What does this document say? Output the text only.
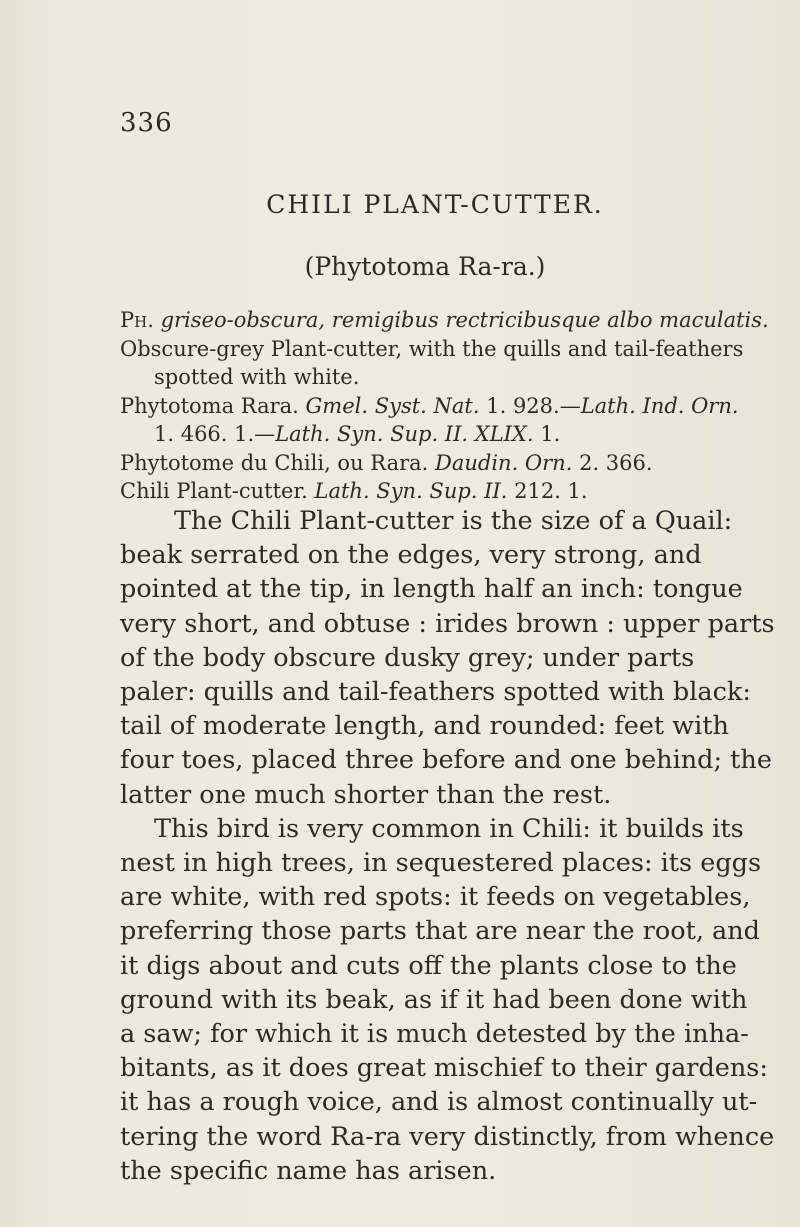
336
CHILI PLANT-CUTTER.
(Phytotoma Ra-ra.)
Ph. griseo-obscura, remigibus rectricibusque albo maculatis.
Obscure-grey Plant-cutter, with the quills and tail-feathers
spotted with white.
Phytotoma Rara. Gmel. Syst. Nat. 1. 928.—Lath. Ind. Orn.
1. 466. 1.—Lath. Syn. Sup. II. XLIX. 1.
Phytotome du Chili, ou Rara. Daudin. Orn. 2. 366.
Chili Plant-cutter. Lath. Syn. Sup. II. 212. 1.
The Chili Plant-cutter is the size of a Quail:
beak serrated on the edges, very strong, and
pointed at the tip, in length half an inch: tongue
very short, and obtuse : irides brown : upper parts
of the body obscure dusky grey; under parts
paler: quills and tail-feathers spotted with black:
tail of moderate length, and rounded: feet with
four toes, placed three before and one behind; the
latter one much shorter than the rest.
This bird is very common in Chili: it builds its
nest in high trees, in sequestered places: its eggs
are white, with red spots: it feeds on vegetables,
preferring those parts that are near the root, and
it digs about and cuts off the plants close to the
ground with its beak, as if it had been done with
a saw; for which it is much detested by the inha-
bitants, as it does great mischief to their gardens:
it has a rough voice, and is almost continually ut-
tering the word Ra-ra very distinctly, from whence
the specific name has arisen.
